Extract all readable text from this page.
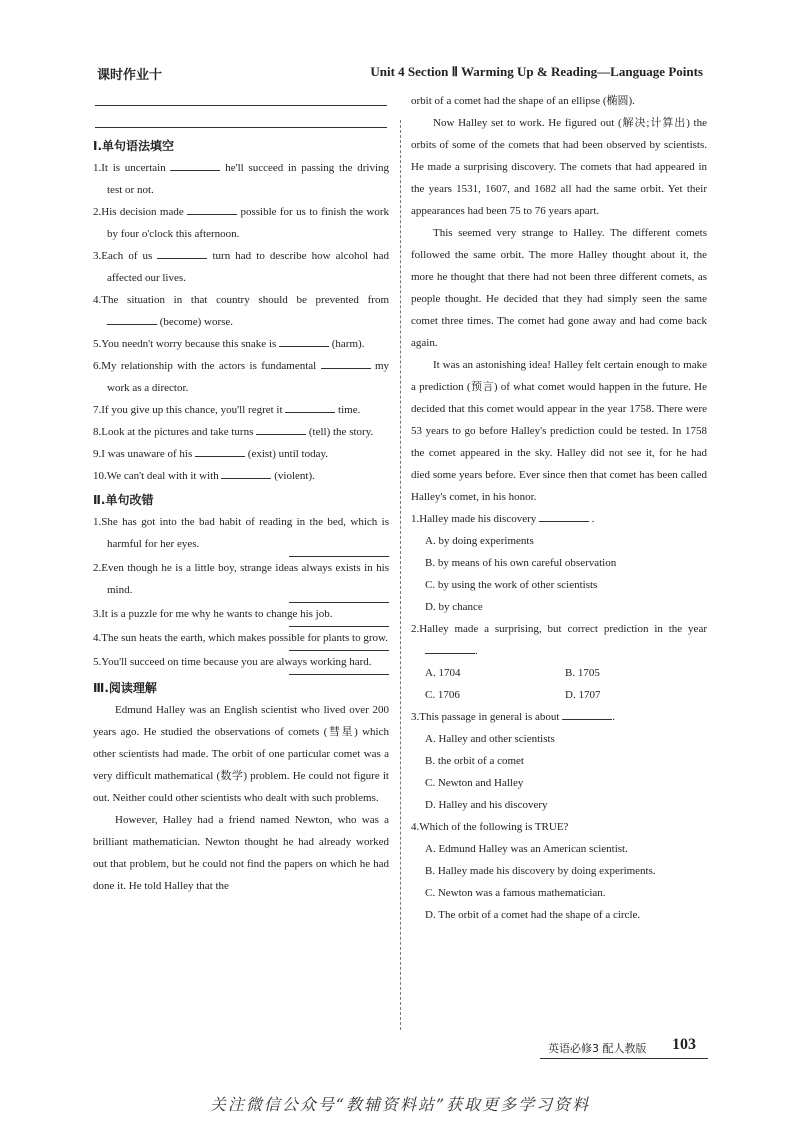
课时作业十	Unit 4 Section Ⅱ Warming Up & Reading—Language Points
Ⅰ.单句语法填空
1.It is uncertain	he'll succeed in passing the driving test or not.
2.His decision made	possible for us to finish the work by four o'clock this afternoon.
3.Each of us	turn had to describe how alcohol had affected our lives.
4.The situation in that country should be prevented from  (become) worse.
5.You needn't worry because this snake is	(harm).
6.My relationship with the actors is fundamental	my work as a director.
7.If you give up this chance, you'll regret it	time.
8.Look at the pictures and take turns	(tell) the story.
9.I was unaware of his	(exist) until today.
10.We can't deal with it with	(violent).
Ⅱ.单句改错
1.She has got into the bad habit of reading in the bed, which is harmful for her eyes.
2.Even though he is a little boy, strange ideas always exists in his mind.
3.It is a puzzle for me why he wants to change his job.
4.The sun heats the earth, which makes possible for plants to grow.
5.You'll succeed on time because you are always working hard.
Ⅲ.阅读理解
Edmund Halley was an English scientist who lived over 200 years ago. He studied the observations of comets (彗星) which other scientists had made. The orbit of one particular comet was a very difficult mathematical (数学) problem. He could not figure it out. Neither could other scientists who dealt with such problems.
However, Halley had a friend named Newton, who was a brilliant mathematician. Newton thought he had already worked out that problem, but he could not find the papers on which he had done it. He told Halley that the
orbit of a comet had the shape of an ellipse (椭圆).
Now Halley set to work. He figured out (解决;计算出) the orbits of some of the comets that had been observed by scientists. He made a surprising discovery. The comets that had appeared in the years 1531, 1607, and 1682 all had the same orbit. Yet their appearances had been 75 to 76 years apart.
This seemed very strange to Halley. The different comets followed the same orbit. The more Halley thought about it, the more he thought that there had not been three different comets, as people thought. He decided that they had simply seen the same comet three times. The comet had gone away and had come back again.
It was an astonishing idea! Halley felt certain enough to make a prediction (预言) of what comet would happen in the future. He decided that this comet would appear in the year 1758. There were 53 years to go before Halley's prediction could be tested. In 1758 the comet appeared in the sky. Halley did not see it, for he had died some years before. Ever since then that comet has been called Halley's comet, in his honor.
1.Halley made his discovery	.
A. by doing experiments
B. by means of his own careful observation
C. by using the work of other scientists
D. by chance
2.Halley made a surprising, but correct prediction in the year .
A. 1704	B. 1705
C. 1706	D. 1707
3.This passage in general is about	.
A. Halley and other scientists
B. the orbit of a comet
C. Newton and Halley
D. Halley and his discovery
4.Which of the following is TRUE?
A. Edmund Halley was an American scientist.
B. Halley made his discovery by doing experiments.
C. Newton was a famous mathematician.
D. The orbit of a comet had the shape of a circle.
英语必修3 配人教版 103
关注微信公众号“教辅资料站”获取更多学习资料
